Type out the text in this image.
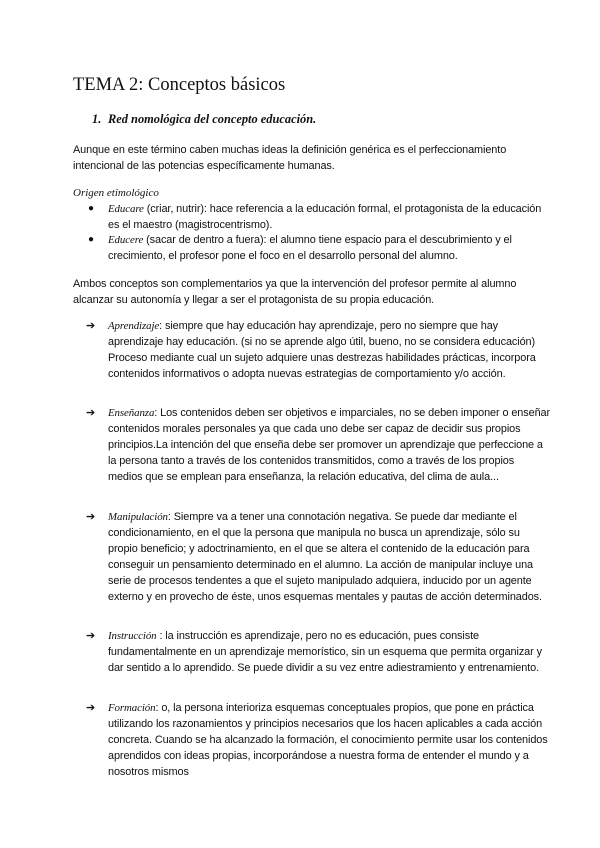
TEMA 2: Conceptos básicos
1. Red nomológica del concepto educación.
Aunque en este término caben muchas ideas la definición genérica es el perfeccionamiento intencional de las potencias específicamente humanas.
Origen etimológico
● Educare (criar, nutrir): hace referencia a la educación formal, el protagonista de la educación es el maestro (magistrocentrismo).
● Educere (sacar de dentro a fuera): el alumno tiene espacio para el descubrimiento y el crecimiento, el profesor pone el foco en el desarrollo personal del alumno.
Ambos conceptos son complementarios ya que la intervención del profesor permite al alumno alcanzar su autonomía y llegar a ser el protagonista de su propia educación.
➔ Aprendizaje: siempre que hay educación hay aprendizaje, pero no siempre que hay aprendizaje hay educación. (si no se aprende algo útil, bueno, no se considera educación) Proceso mediante cual un sujeto adquiere unas destrezas habilidades prácticas, incorpora contenidos informativos o adopta nuevas estrategias de comportamiento y/o acción.
➔ Enseñanza: Los contenidos deben ser objetivos e imparciales, no se deben imponer o enseñar contenidos morales personales ya que cada uno debe ser capaz de decidir sus propios principios.La intención del que enseña debe ser promover un aprendizaje que perfeccione a la persona tanto a través de los contenidos transmitidos, como a través de los propios medios que se emplean para enseñanza, la relación educativa, del clima de aula...
➔ Manipulación: Siempre va a tener una connotación negativa. Se puede dar mediante el condicionamiento, en el que la persona que manipula no busca un aprendizaje, sólo su propio beneficio; y adoctrinamiento, en el que se altera el contenido de la educación para conseguir un pensamiento determinado en el alumno. La acción de manipular incluye una serie de procesos tendentes a que el sujeto manipulado adquiera, inducido por un agente externo y en provecho de éste, unos esquemas mentales y pautas de acción determinados.
➔ Instrucción : la instrucción es aprendizaje, pero no es educación, pues consiste fundamentalmente en un aprendizaje memorístico, sin un esquema que permita organizar y dar sentido a lo aprendido. Se puede dividir a su vez entre adiestramiento y entrenamiento.
➔ Formación: o, la persona interioriza esquemas conceptuales propios, que pone en práctica utilizando los razonamientos y principios necesarios que los hacen aplicables a cada acción concreta. Cuando se ha alcanzado la formación, el conocimiento permite usar los contenidos aprendidos con ideas propias, incorporándose a nuestra forma de entender el mundo y a nosotros mismos
